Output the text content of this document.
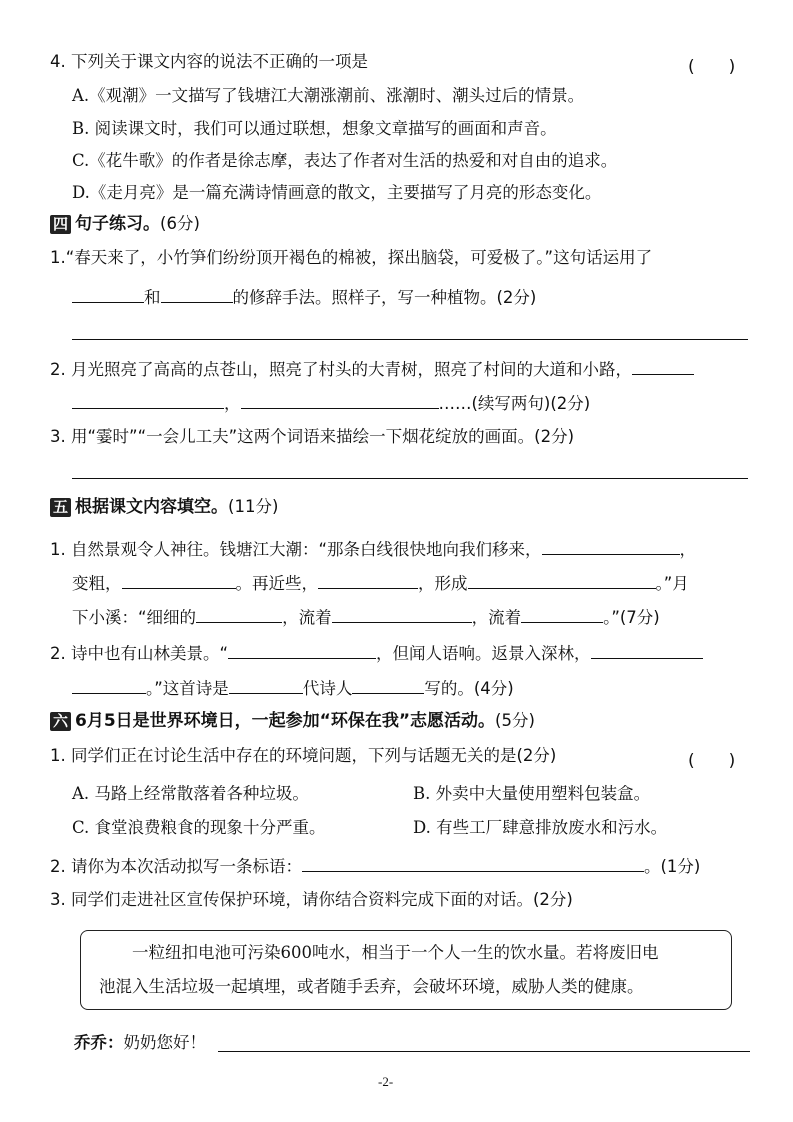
4. 下列关于课文内容的说法不正确的一项是	(　　)
A.《观潮》一文描写了钱塘江大潮涨潮前、涨潮时、潮头过后的情景。
B. 阅读课文时，我们可以通过联想，想象文章描写的画面和声音。
C.《花牛歌》的作者是徐志摩，表达了作者对生活的热爱和对自由的追求。
D.《走月亮》是一篇充满诗情画意的散文，主要描写了月亮的形态变化。
四 句子练习。(6分)
1.“春天来了，小竹笋们纷纷顶开褐色的棉被，探出脑袋，可爱极了。”这句话运用了
和	的修辞手法。照样子，写一种植物。(2分)
2. 月光照亮了高高的点苍山，照亮了村头的大青树，照亮了村间的大道和小路，
，	……(续写两句)(2分)
3. 用“霎时”“一会儿工夫”这两个词语来描绘一下烟花绽放的画面。(2分)
五 根据课文内容填空。(11分)
1. 自然景观令人神往。钱塘江大潮：“那条白线很快地向我们移来，	，
变粗，	。再近些，	，形成	。”月
下小溪：“细细的	，流着	，流着	。”(7分)
2. 诗中也有山林美景。“	，但闻人语响。返景入深林，
。”这首诗是	代诗人	写的。(4分)
六 6月5日是世界环境日，一起参加“环保在我”志愿活动。(5分)
1. 同学们正在讨论生活中存在的环境问题，下列与话题无关的是(2分)	(　　)
A. 马路上经常散落着各种垃圾。	B. 外卖中大量使用塑料包装盒。
C. 食堂浪费粮食的现象十分严重。	D. 有些工厂肆意排放废水和污水。
2. 请你为本次活动拟写一条标语：	。(1分)
3. 同学们走进社区宣传保护环境，请你结合资料完成下面的对话。(2分)

　　一粒纽扣电池可污染600吨水，相当于一个人一生的饮水量。若将废旧电

池混入生活垃圾一起填埋，或者随手丢弃，会破坏环境，威胁人类的健康。

乔乔：奶奶您好！
-2-
